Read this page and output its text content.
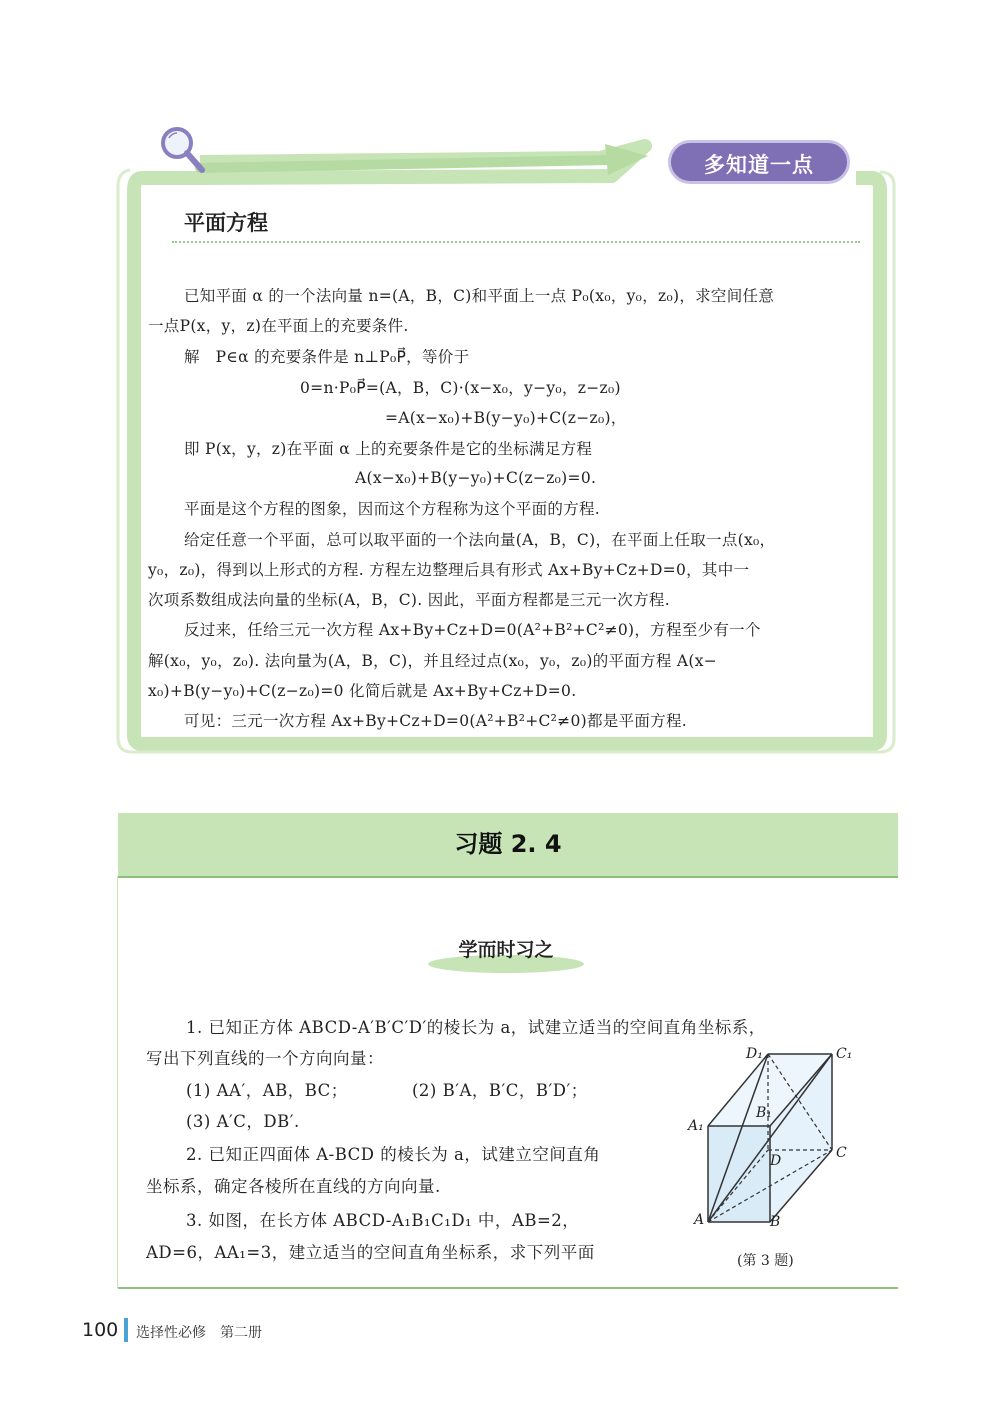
多知道一点
平面方程
已知平面 α 的一个法向量 n=(A，B，C)和平面上一点 P₀(x₀，y₀，z₀)，求空间任意
一点P(x，y，z)在平面上的充要条件.
解　P∈α 的充要条件是 n⊥P₀P⃗，等价于
0=n·P₀P⃗=(A，B，C)·(x−x₀，y−y₀，z−z₀)
=A(x−x₀)+B(y−y₀)+C(z−z₀)，
即 P(x，y，z)在平面 α 上的充要条件是它的坐标满足方程
A(x−x₀)+B(y−y₀)+C(z−z₀)=0.
平面是这个方程的图象，因而这个方程称为这个平面的方程.
给定任意一个平面，总可以取平面的一个法向量(A，B，C)，在平面上任取一点(x₀，
y₀，z₀)，得到以上形式的方程. 方程左边整理后具有形式 Ax+By+Cz+D=0，其中一
次项系数组成法向量的坐标(A，B，C). 因此，平面方程都是三元一次方程.
反过来，任给三元一次方程 Ax+By+Cz+D=0(A²+B²+C²≠0)，方程至少有一个
解(x₀，y₀，z₀). 法向量为(A，B，C)，并且经过点(x₀，y₀，z₀)的平面方程 A(x−
x₀)+B(y−y₀)+C(z−z₀)=0 化简后就是 Ax+By+Cz+D=0.
可见：三元一次方程 Ax+By+Cz+D=0(A²+B²+C²≠0)都是平面方程.
习题 2. 4
学而时习之
1. 已知正方体 ABCD-A′B′C′D′的棱长为 a，试建立适当的空间直角坐标系，
写出下列直线的一个方向向量：
(1) AA′，AB，BC；	(2) B′A，B′C，B′D′；
(3) A′C，DB′.
2. 已知正四面体 A-BCD 的棱长为 a，试建立空间直角
坐标系，确定各棱所在直线的方向向量.
3. 如图，在长方体 ABCD-A₁B₁C₁D₁ 中，AB=2，
AD=6，AA₁=3，建立适当的空间直角坐标系，求下列平面
D₁	C₁
B₁
A₁
D	C
A	B
(第 3 题)
100 选择性必修　第二册
